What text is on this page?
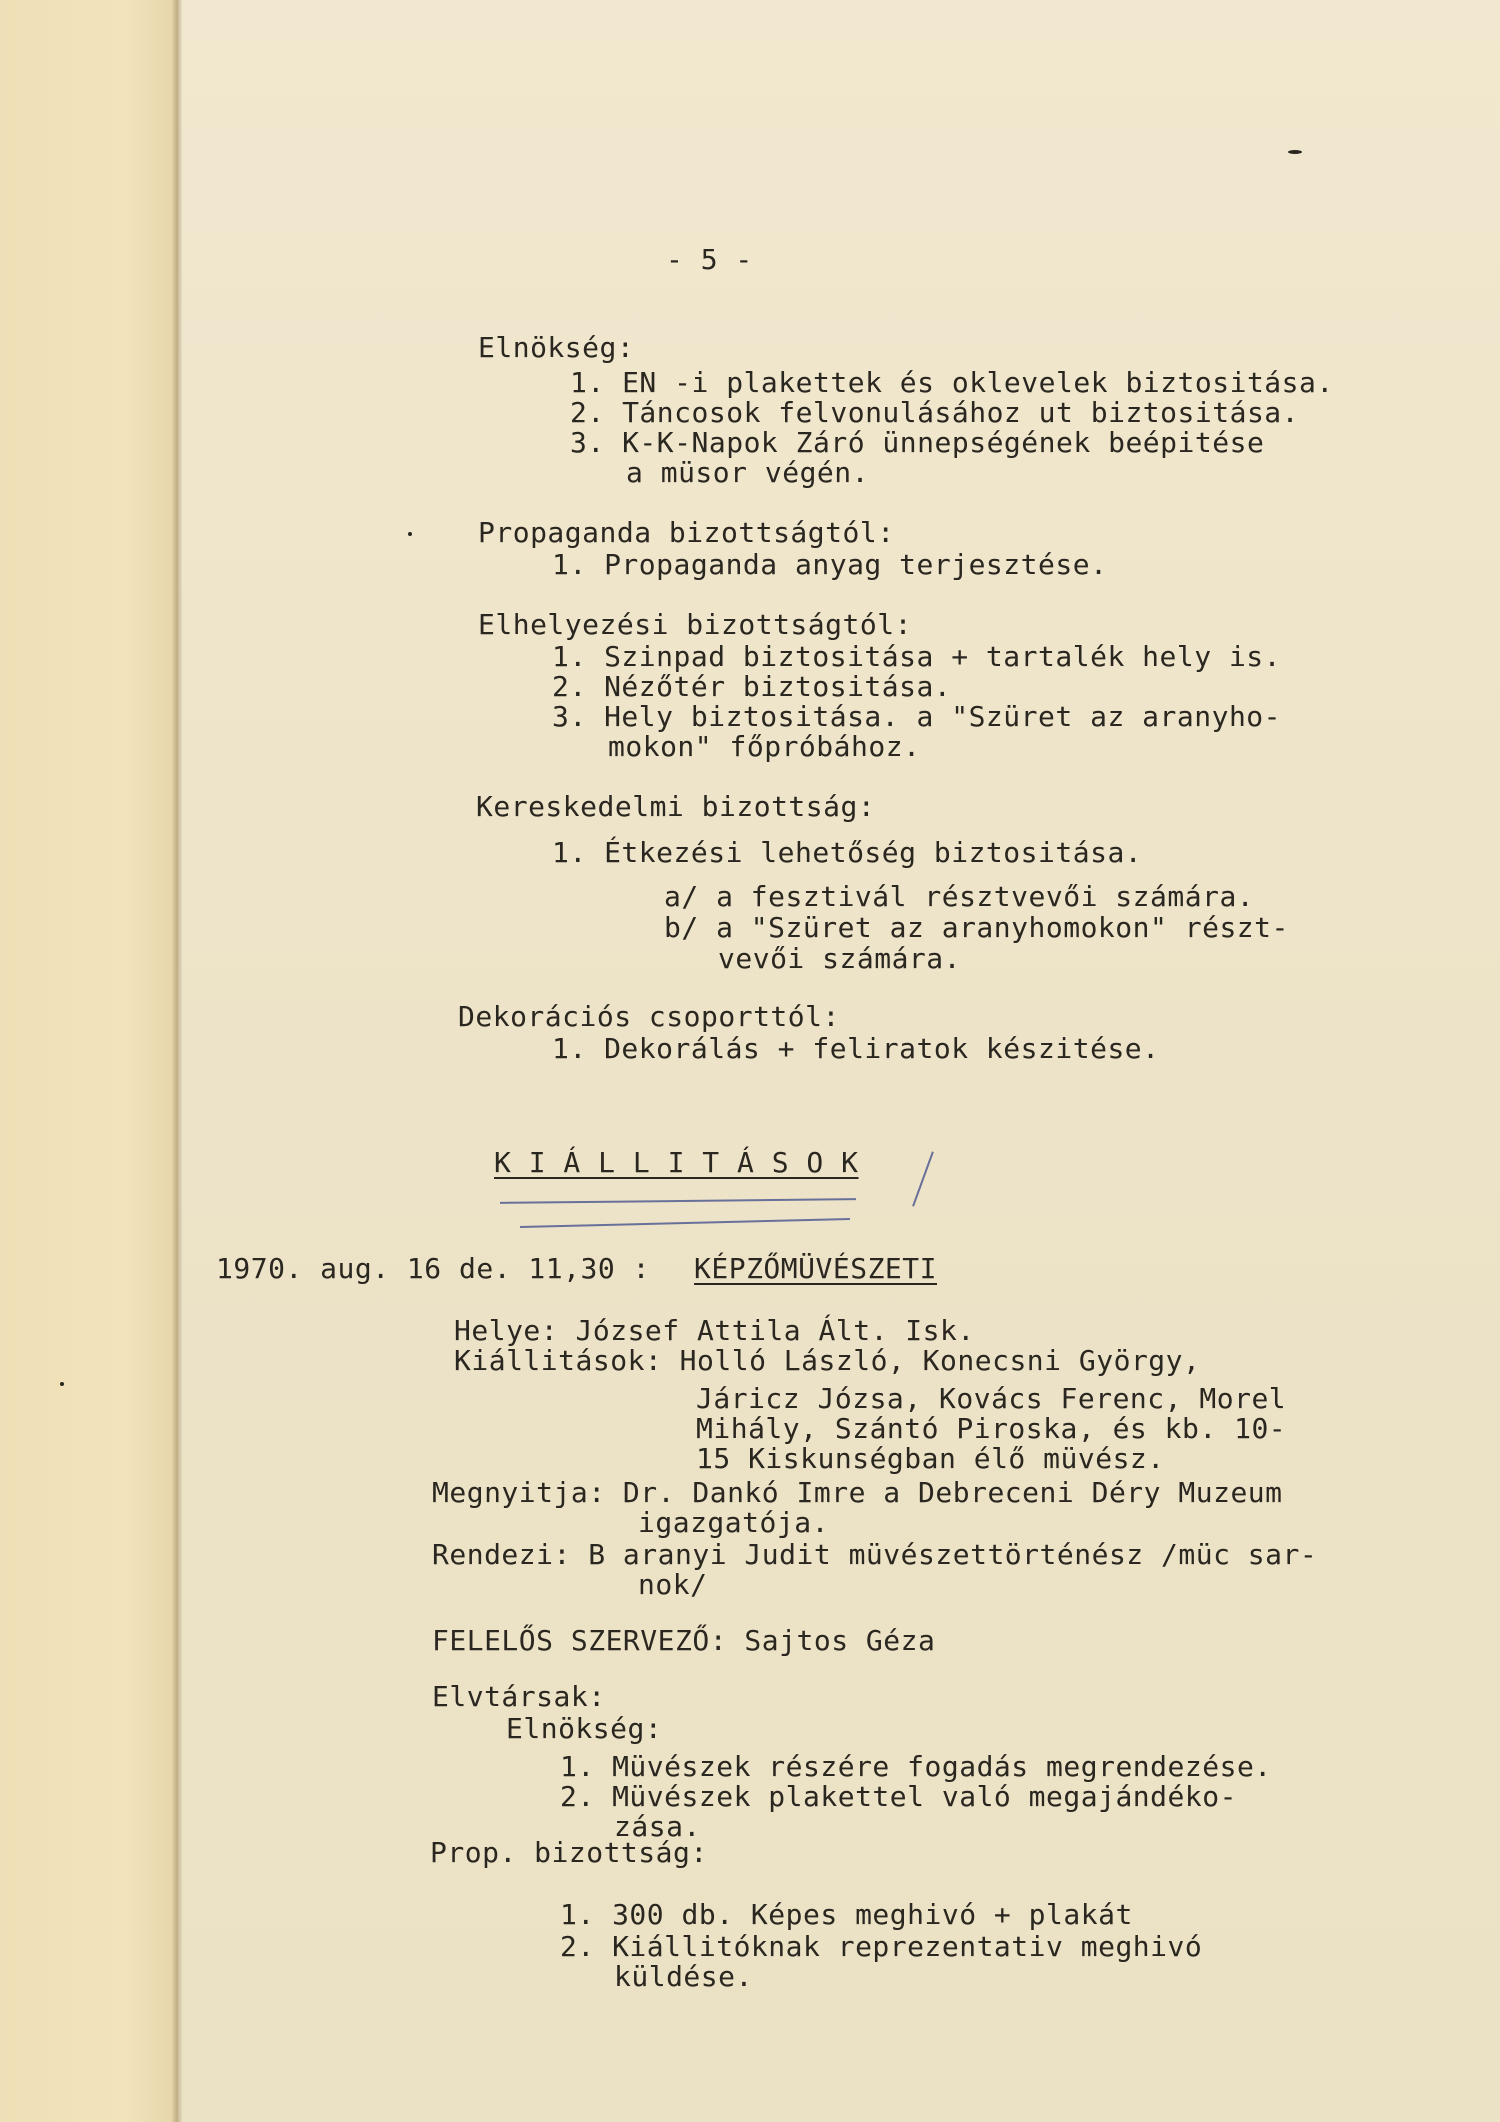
- 5 -
Elnökség:
1. EN -i plakettek és oklevelek biztositása.
2. Táncosok felvonulásához ut biztositása.
3. K-K-Napok Záró ünnepségének beépitése
a müsor végén.
Propaganda bizottságtól:
1. Propaganda anyag terjesztése.
Elhelyezési bizottságtól:
1. Szinpad biztositása + tartalék hely is.
2. Nézőtér biztositása.
3. Hely biztositása. a "Szüret az aranyho-
mokon" főpróbához.
Kereskedelmi bizottság:
1. Étkezési lehetőség biztositása.
a/ a fesztivál résztvevői számára.
b/ a "Szüret az aranyhomokon" részt-
vevői számára.
Dekorációs csoporttól:
1. Dekorálás + feliratok készitése.
K I Á L L I T Á S O K
1970. aug. 16 de. 11,30 : KÉPZŐMÜVÉSZETI
Helye: József Attila Ált. Isk.
Kiállitások: Holló László, Konecsni György,
Járicz Józsa, Kovács Ferenc, Morel
Mihály, Szántó Piroska, és kb. 10-
15 Kiskunségban élő müvész.
Megnyitja: Dr. Dankó Imre a Debreceni Déry Muzeum
igazgatója.
Rendezi: B aranyi Judit müvészettörténész /müc sar-
nok/
FELELŐS SZERVEZŐ: Sajtos Géza
Elvtársak:
Elnökség:
1. Müvészek részére fogadás megrendezése.
2. Müvészek plakettel való megajándéko-
zása.
Prop. bizottság:
1. 300 db. Képes meghivó + plakát
2. Kiállitóknak reprezentativ meghivó
küldése.
